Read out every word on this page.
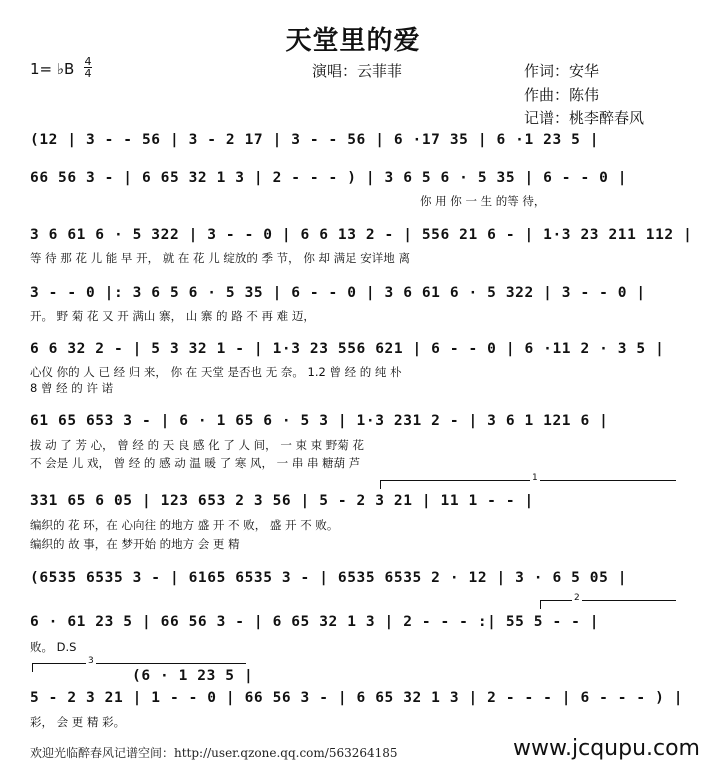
天堂里的爱
1= ♭B 4
4	演唱：云菲菲	作词：安华
作曲：陈伟
记谱：桃李醉春风
(12 | 3 - - 56 | 3 - 2 17 | 3 - - 56 | 6 ·17 35 | 6 ·1 23 5 |
66 56 3 - | 6 65 32 1 3 | 2 - - - ) | 3 6 5 6 · 5 35 | 6 - - 0 |
你 用 你 一 生 的等 待，
3 6 61 6 · 5 322 | 3 - - 0 | 6 6 13 2 - | 556 21 6 - | 1·3 23 211 112 |
等 待 那 花 儿 能 早 开， 就 在 花 儿 绽放的 季 节， 你 却 满足 安详地 离
3 - - 0 |: 3 6 5 6 · 5 35 | 6 - - 0 | 3 6 61 6 · 5 322 | 3 - - 0 |
开。 野 菊 花 又 开 满山 寨， 山 寨 的 路 不 再 难 迈，
6 6 32 2 - | 5 3 32 1 - | 1·3 23 556 621 | 6 - - 0 | 6 ·11 2 · 3 5 |
心仪 你的 人 已 经 归 来， 你 在 天堂 是否也 无 奈。 1.2 曾 经 的 纯 朴
8 曾 经 的 许 诺
61 65 653 3 - | 6 · 1 65 6 · 5 3 | 1·3 231 2 - | 3 6 1 121 6 |
拔 动 了 芳 心， 曾 经 的 天 良 感 化 了 人 间， 一 束 束 野菊 花
不 会是 儿 戏， 曾 经 的 感 动 温 暖 了 寒 风， 一 串 串 糖葫 芦
1
331 65 6 05 | 123 653 2 3 56 | 5 - 2 3 21 | 11 1 - - |
编织的 花 环，在 心向往 的地方 盛 开 不 败， 盛 开 不 败。
编织的 故 事，在 梦开始 的地方 会 更 精
(6535 6535 3 - | 6165 6535 3 - | 6535 6535 2 · 12 | 3 · 6 5 05 |
2
6 · 61 23 5 | 66 56 3 - | 6 65 32 1 3 | 2 - - - :| 55 5 - - |
败。 D.S
3
(6 · 1 23 5 |
5 - 2 3 21 | 1 - - 0 | 66 56 3 - | 6 65 32 1 3 | 2 - - - | 6 - - - ) |
彩， 会 更 精 彩。
欢迎光临醉春风记谱空间：http://user.qzone.qq.com/563264185	www.jcqupu.com
